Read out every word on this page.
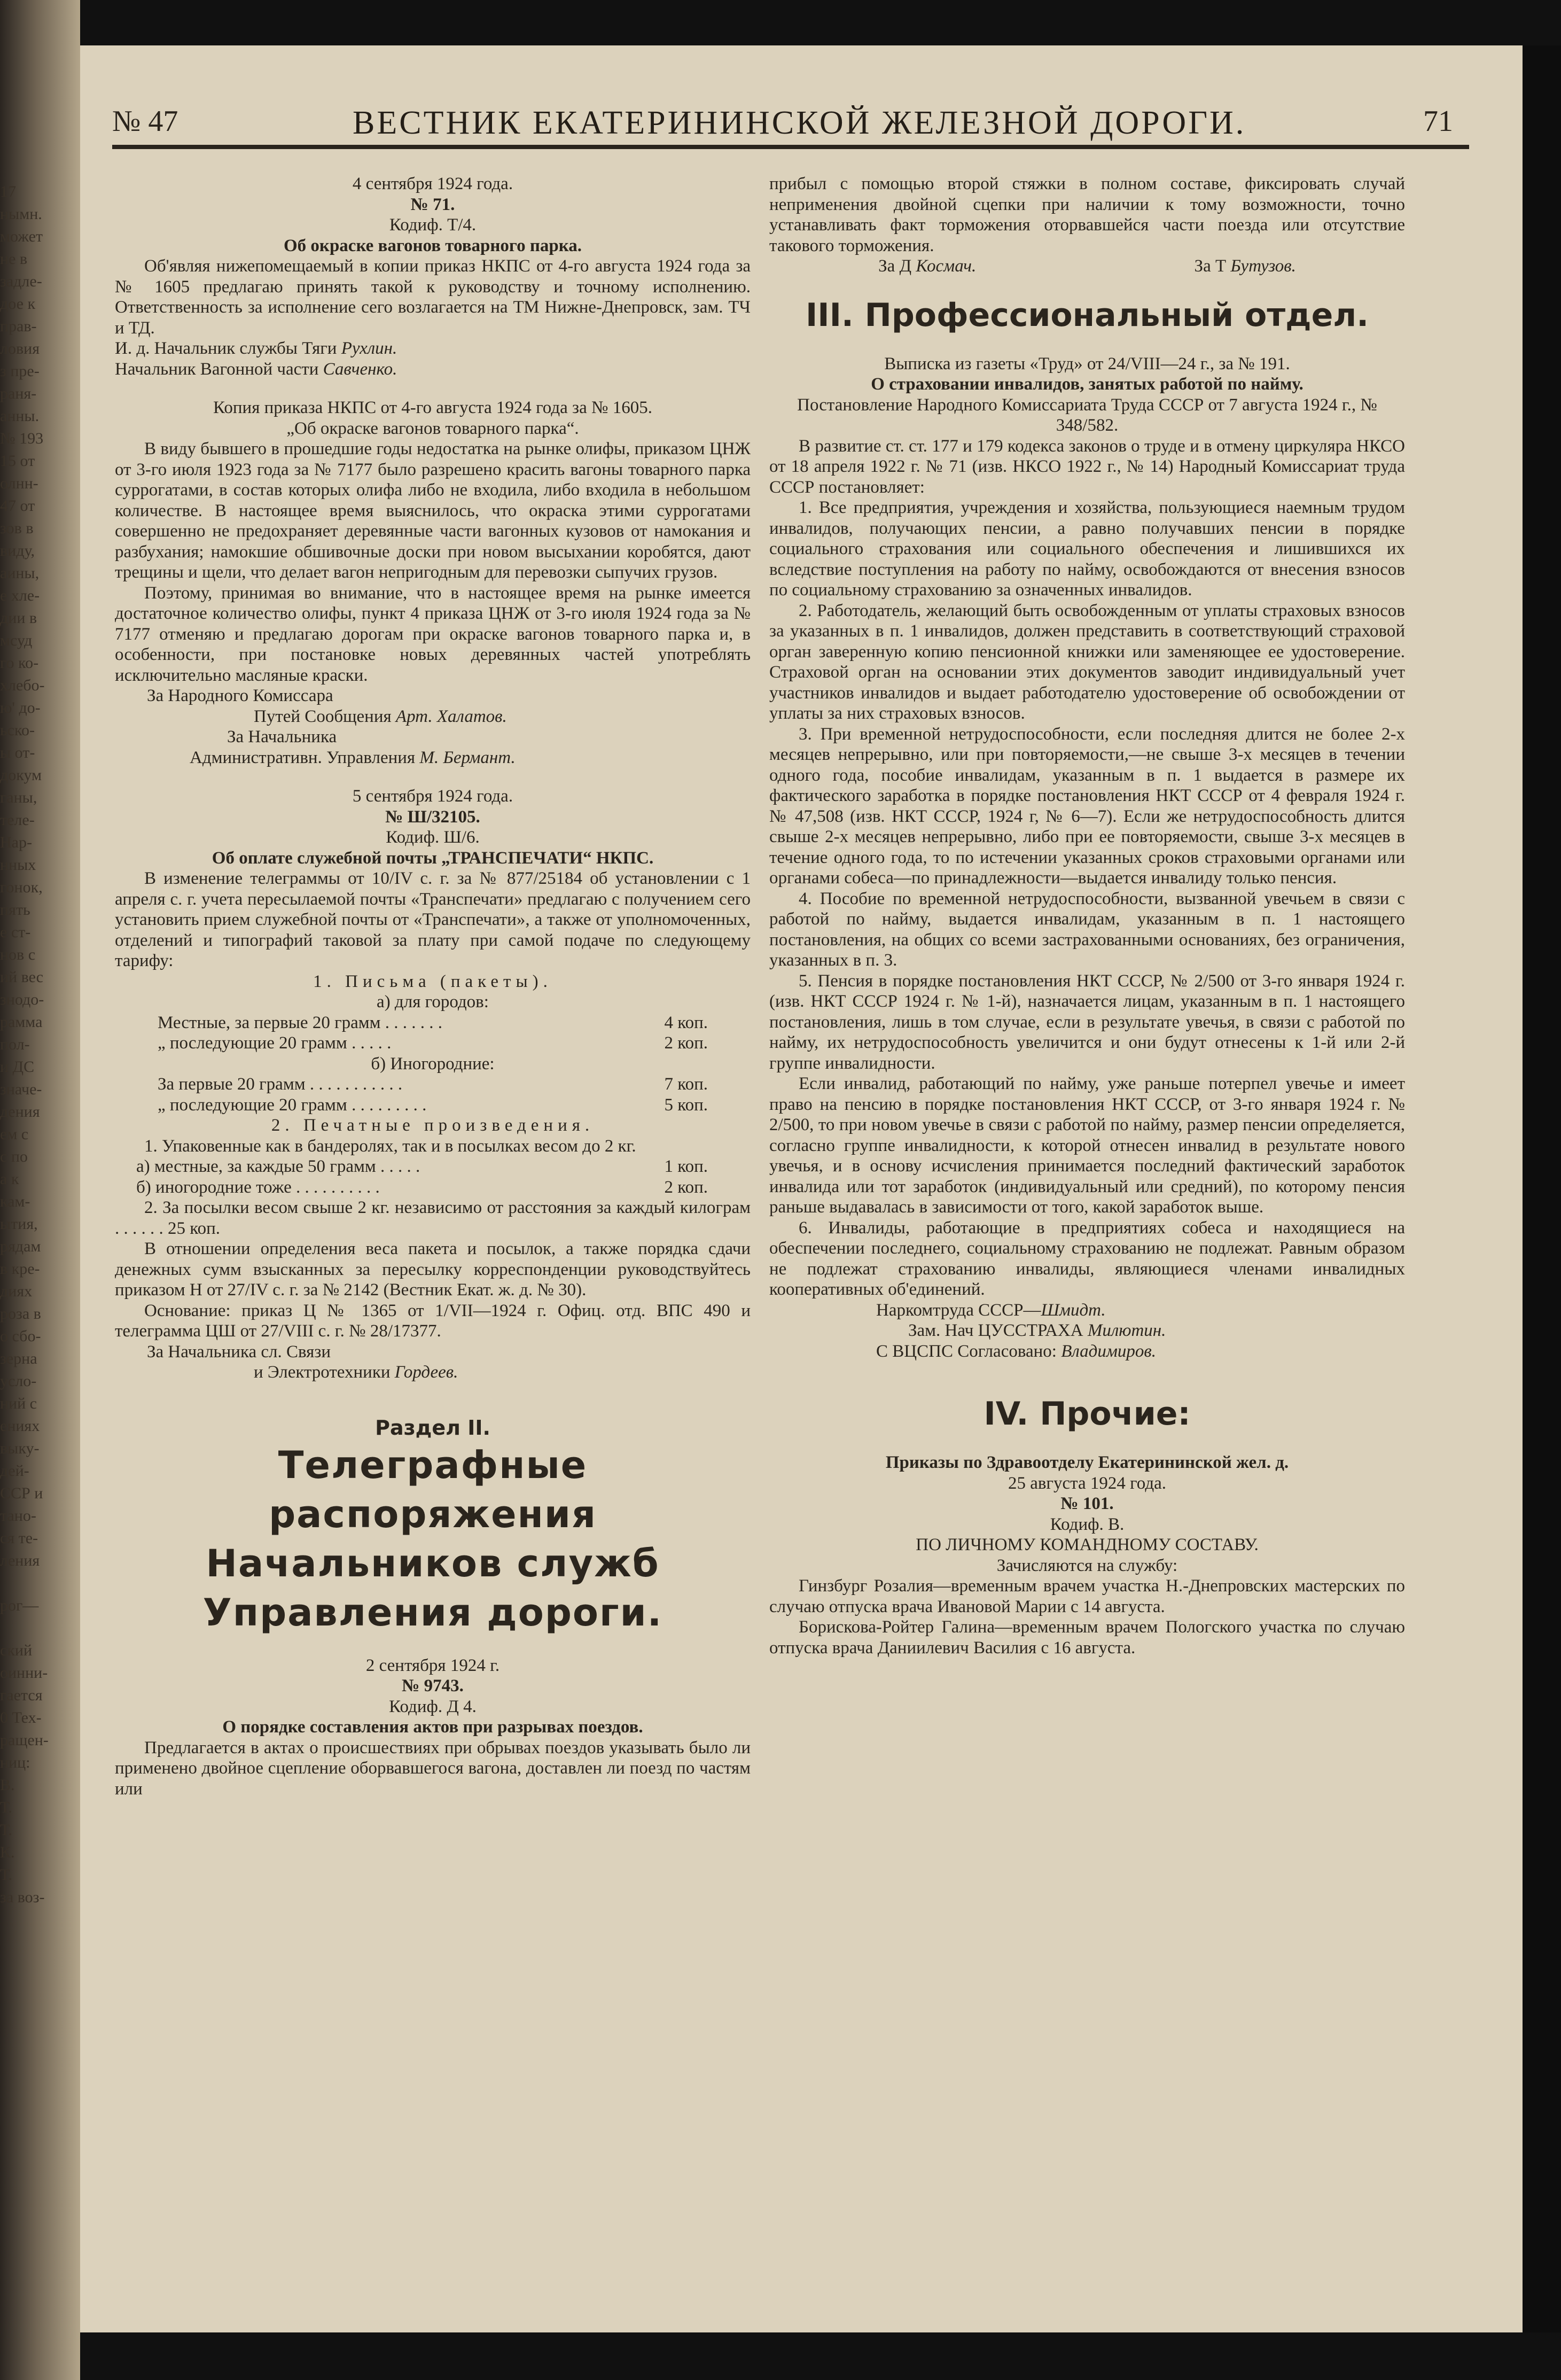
17
нымн.
может
не в
задле-
дое к
прав-
ловия
з пре-
раня-
анны.
№ 193
15 от
олнн-
47 от
зов в
виду,
аины,
е хле-
дии в
мсуд
го ко-
хлебо-
ю' до-
ьско-
ы от-
докум
ганы,
теле-
Нар-
нных
гонок,
пять
е ст-
нов с
ий вес
знодо-
рамма
пол-
и ДС
значе-
дения
ем с
с по
а к
кам-
ытия,
рядам
в кре-
диях
роза в
о сбо-
зерна
усло-
ний с
ениях
выку-
дей-
ССР и
тано-
ся те-
ления
рог—
ский
оинни-
гается
0 Тех-
ращен-
ниц:
В.
Т.
Т.
К.
Т.
за воз-
№ 47	ВЕСТНИК ЕКАТЕРИНИНСКОЙ ЖЕЛЕЗНОЙ ДОРОГИ.	71
4 сентября 1924 года.
№ 71.
Кодиф. Т/4.
Об окраске вагонов товарного парка.

Об'являя нижепомещаемый в копии приказ НКПС от 4-го августа 1924 года за № 1605 предлагаю принять такой к руководству и точному исполнению. Ответственность за исполнение сего возлагается на ТМ Нижне-Днепровск, зам. ТЧ и ТД.

И. д. Начальник службы Тяги Рухлин.
Начальник Вагонной части Савченко.
Копия приказа НКПС от 4-го августа 1924 года за № 1605.
„Об окраске вагонов товарного парка“.

В виду бывшего в прошедшие годы недостатка на рынке олифы, приказом ЦНЖ от 3-го июля 1923 года за № 7177 было разрешено красить вагоны товарного парка суррогатами, в состав которых олифа либо не входила, либо входила в небольшом количестве. В настоящее время выяснилось, что окраска этими суррогатами совершенно не предохраняет деревянные части вагонных кузовов от намокания и разбухания; намокшие обшивочные доски при новом высыхании коробятся, дают трещины и щели, что делает вагон непригодным для перевозки сыпучих грузов.

Поэтому, принимая во внимание, что в настоящее время на рынке имеется достаточное количество олифы, пункт 4 приказа ЦНЖ от 3-го июля 1924 года за № 7177 отменяю и предлагаю дорогам при окраске вагонов товарного парка и, в особенности, при постановке новых деревянных частей употреблять исключительно масляные краски.

За Народного Комиссара
Путей Сообщения Арт. Халатов.
За Начальника
Административн. Управления М. Бермант.
5 сентября 1924 года.
№ Ш/32105.
Кодиф. Ш/6.
Об оплате служебной почты „ТРАНСПЕЧАТИ“ НКПС.

В изменение телеграммы от 10/IV с. г. за № 877/25184 об установлении с 1 апреля с. г. учета пересылаемой почты «Транспечати» предлагаю с получением сего установить прием служебной почты от «Транспечати», а также от уполномоченных, отделений и типографий таковой за плату при самой подаче по следующему тарифу:

1. Письма (пакеты).
а) для городов:
Местные, за первые 20 грамм . . . . . . .	4 коп.
„ последующие 20 грамм . . . . .	2 коп.
б) Иногородние:
За первые 20 грамм . . . . . . . . . . .	7 коп.
„ последующие 20 грамм . . . . . . . . .	5 коп.
2. Печатные произведения.

1. Упаковенные как в бандеролях, так и в посылках весом до 2 кг.

а) местные, за каждые 50 грамм . . . . .	1 коп.
б) иногородние тоже . . . . . . . . . .	2 коп.

2. За посылки весом свыше 2 кг. независимо от расстояния за каждый килограм . . . . . . 25 коп.

В отношении определения веса пакета и посылок, а также порядка сдачи денежных сумм взысканных за пересылку корреспонденции руководствуйтесь приказом Н от 27/IV с. г. за № 2142 (Вестник Екат. ж. д. № 30).

Основание: приказ Ц № 1365 от 1/VII—1924 г. Офиц. отд. ВПС 490 и телеграмма ЦШ от 27/VIII с. г. № 28/17377.

За Начальника сл. Связи
и Электротехники Гордеев.
Раздел II.
Телеграфные распоряжения Начальников служб Управления дороги.
2 сентября 1924 г.
№ 9743.
Кодиф. Д 4.
О порядке составления актов при разрывах поездов.

Предлагается в актах о происшествиях при обрывах поездов указывать было ли применено двойное сцепление оборвавшегося вагона, доставлен ли поезд по частям или

прибыл с помощью второй стяжки в полном составе, фиксировать случай неприменения двойной сцепки при наличии к тому возможности, точно устанавливать факт торможения оторвавшейся части поезда или отсутствие такового торможения.

За Д Космач.	За Т Бутузов.
III. Профессиональный отдел.
Выписка из газеты «Труд» от 24/VIII—24 г., за № 191.
О страховании инвалидов, занятых работой по найму.
Постановление Народного Комиссариата Труда СССР от 7 августа 1924 г., № 348/582.

В развитие ст. ст. 177 и 179 кодекса законов о труде и в отмену циркуляра НКСО от 18 апреля 1922 г. № 71 (изв. НКСО 1922 г., № 14) Народный Комиссариат труда СССР постановляет:

1. Все предприятия, учреждения и хозяйства, пользующиеся наемным трудом инвалидов, получающих пенсии, а равно получавших пенсии в порядке социального страхования или социального обеспечения и лишившихся их вследствие поступления на работу по найму, освобождаются от внесения взносов по социальному страхованию за означенных инвалидов.

2. Работодатель, желающий быть освобожденным от уплаты страховых взносов за указанных в п. 1 инвалидов, должен представить в соответствующий страховой орган заверенную копию пенсионной книжки или заменяющее ее удостоверение. Страховой орган на основании этих документов заводит индивидуальный учет участников инвалидов и выдает работодателю удостоверение об освобождении от уплаты за них страховых взносов.

3. При временной нетрудоспособности, если последняя длится не более 2-х месяцев непрерывно, или при повторяемости,—не свыше 3-х месяцев в течении одного года, пособие инвалидам, указанным в п. 1 выдается в размере их фактического заработка в порядке постановления НКТ СССР от 4 февраля 1924 г. № 47,508 (изв. НКТ СССР, 1924 г, № 6—7). Если же нетрудоспособность длится свыше 2-х месяцев непрерывно, либо при ее повторяемости, свыше 3-х месяцев в течение одного года, то по истечении указанных сроков страховыми органами или органами собеса—по принадлежности—выдается инвалиду только пенсия.

4. Пособие по временной нетрудоспособности, вызванной увечьем в связи с работой по найму, выдается инвалидам, указанным в п. 1 настоящего постановления, на общих со всеми застрахованными основаниях, без ограничения, указанных в п. 3.

5. Пенсия в порядке постановления НКТ СССР, № 2/500 от 3-го января 1924 г. (изв. НКТ СССР 1924 г. № 1-й), назначается лицам, указанным в п. 1 настоящего постановления, лишь в том случае, если в результате увечья, в связи с работой по найму, их нетрудоспособность увеличится и они будут отнесены к 1-й или 2-й группе инвалидности.

Если инвалид, работающий по найму, уже раньше потерпел увечье и имеет право на пенсию в порядке постановления НКТ СССР, от 3-го января 1924 г. № 2/500, то при новом увечье в связи с работой по найму, размер пенсии определяется, согласно группе инвалидности, к которой отнесен инвалид в результате нового увечья, и в основу исчисления принимается последний фактический заработок инвалида или тот заработок (индивидуальный или средний), по которому пенсия раньше выдавалась в зависимости от того, какой заработок выше.

6. Инвалиды, работающие в предприятиях собеса и находящиеся на обеспечении последнего, социальному страхованию не подлежат. Равным образом не подлежат страхованию инвалиды, являющиеся членами инвалидных кооперативных об'единений.

Наркомтруда СССР—Шмидт.
Зам. Нач ЦУССТРАХА Милютин.
С ВЦСПС Согласовано: Владимиров.
IV. Прочие:
Приказы по Здравоотделу Екатерининской жел. д.
25 августа 1924 года.
№ 101.
Кодиф. В.
ПО ЛИЧНОМУ КОМАНДНОМУ СОСТАВУ.
Зачисляются на службу:

Гинзбург Розалия—временным врачем участка Н.-Днепровских мастерских по случаю отпуска врача Ивановой Марии с 14 августа.

Борискова-Ройтер Галина—временным врачем Пологского участка по случаю отпуска врача Даниилевич Василия с 16 августа.
